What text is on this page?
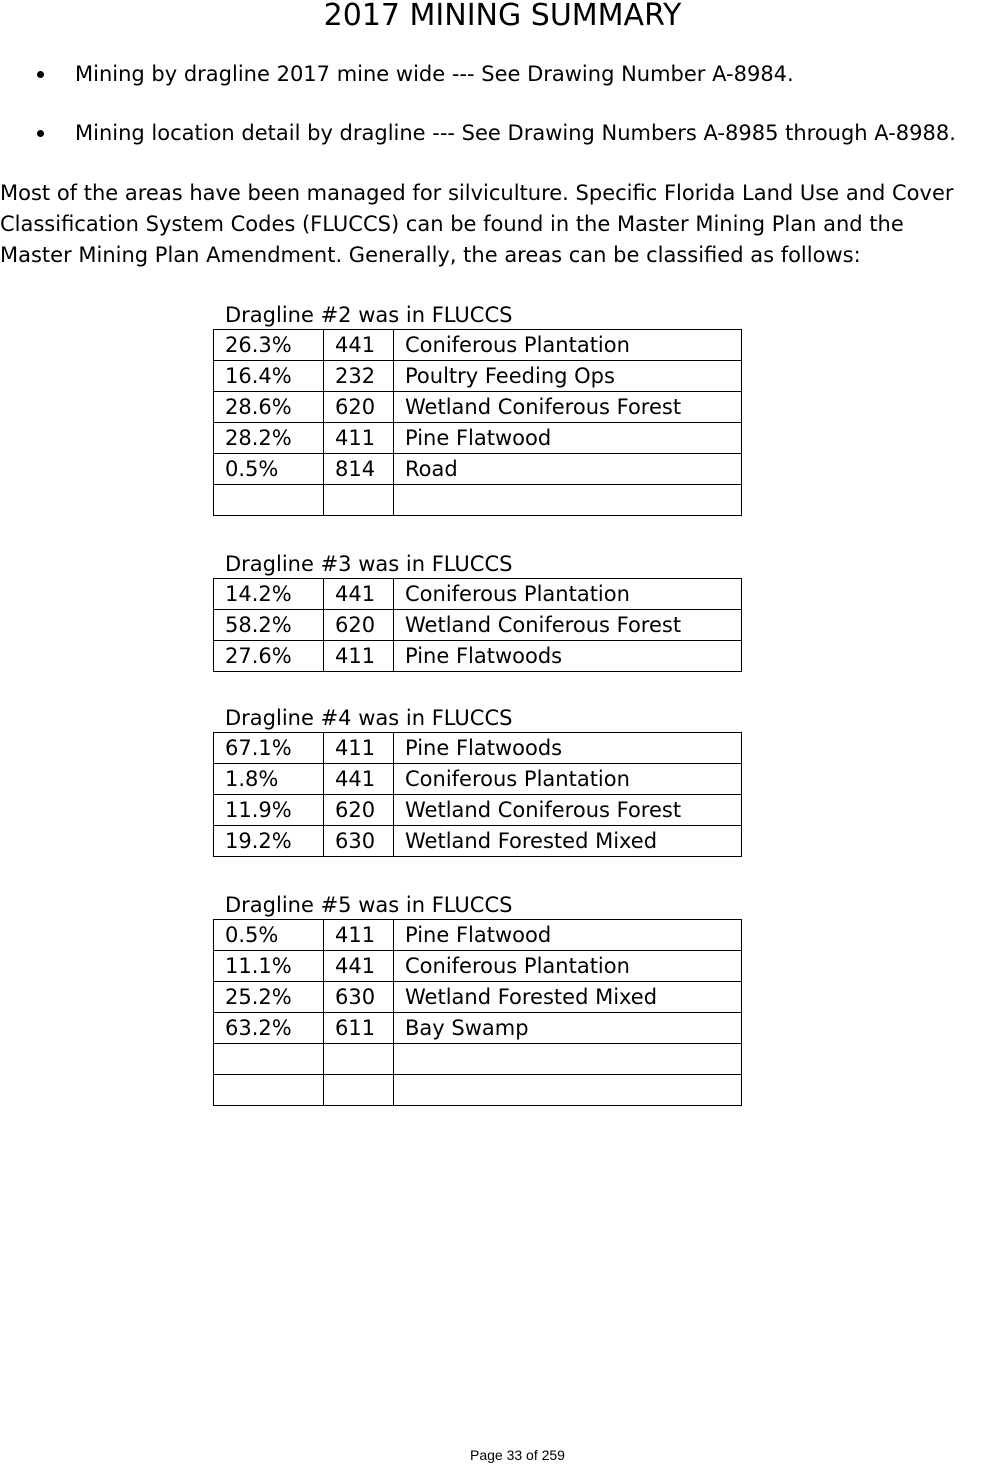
2017 MINING SUMMARY
Mining by dragline 2017 mine wide --- See Drawing Number A-8984.
Mining location detail by dragline --- See Drawing Numbers A-8985 through A-8988.
Most of the areas have been managed for silviculture. Specific Florida Land Use and Cover
Classification System Codes (FLUCCS) can be found in the Master Mining Plan and the
Master Mining Plan Amendment. Generally, the areas can be classified as follows:
Dragline #2 was in FLUCCS
26.3%	441	Coniferous Plantation
16.4%	232	Poultry Feeding Ops
28.6%	620	Wetland Coniferous Forest
28.2%	411	Pine Flatwood
0.5%	814	Road

Dragline #3 was in FLUCCS
14.2%	441	Coniferous Plantation
58.2%	620	Wetland Coniferous Forest
27.6%	411	Pine Flatwoods
Dragline #4 was in FLUCCS
67.1%	411	Pine Flatwoods
1.8%	441	Coniferous Plantation
11.9%	620	Wetland Coniferous Forest
19.2%	630	Wetland Forested Mixed
Dragline #5 was in FLUCCS
0.5%	411	Pine Flatwood
11.1%	441	Coniferous Plantation
25.2%	630	Wetland Forested Mixed
63.2%	611	Bay Swamp

Page 33 of 259
